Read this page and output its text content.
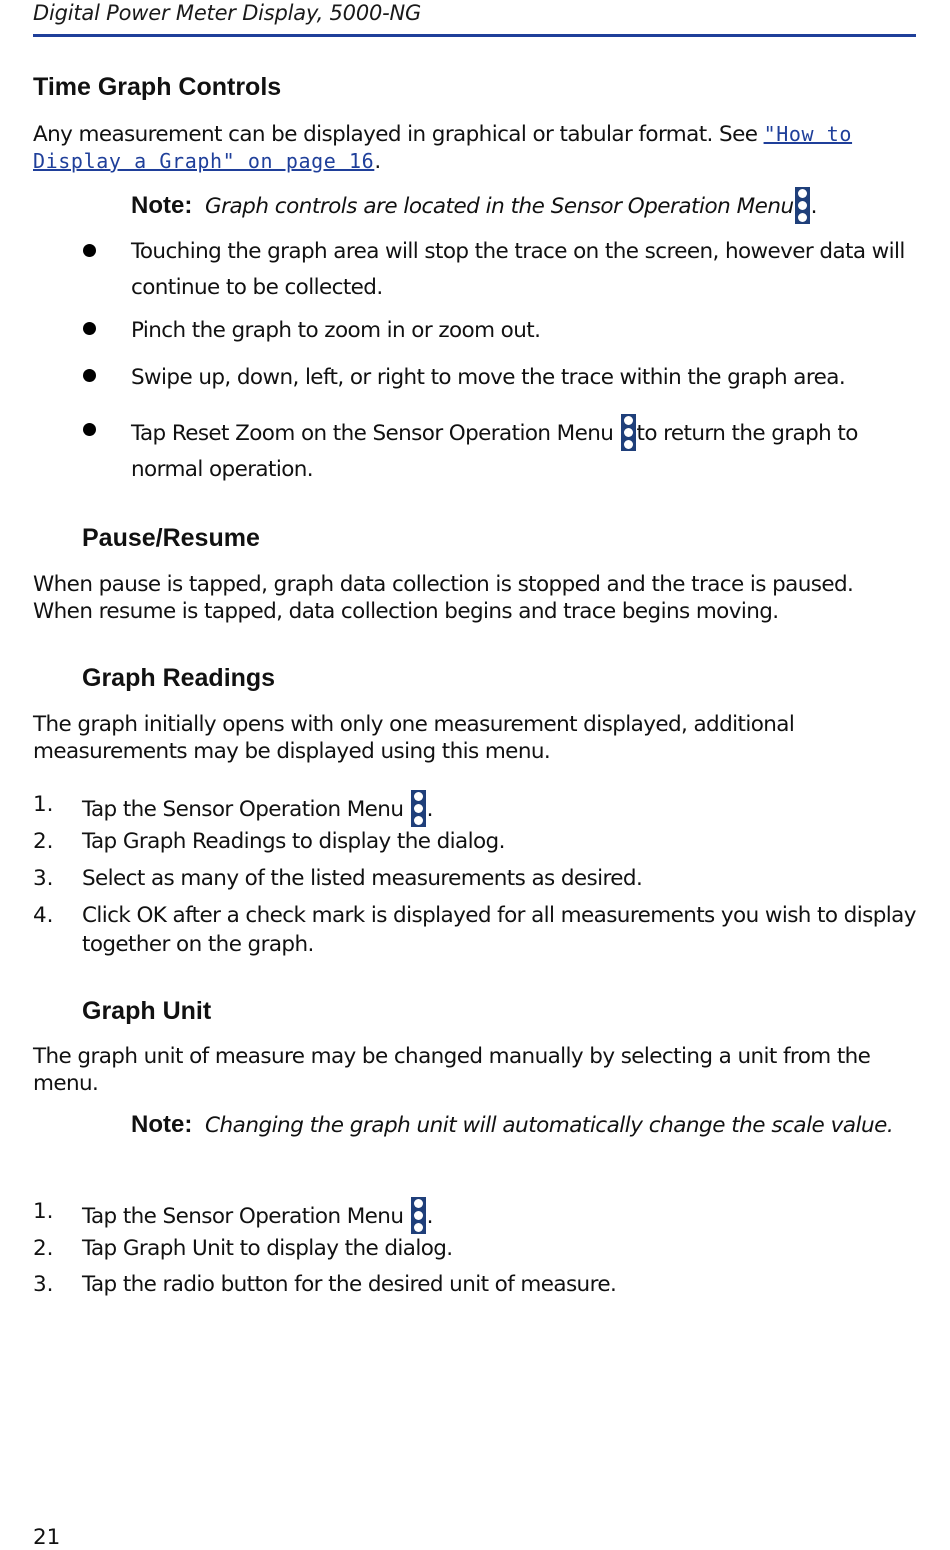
Digital Power Meter Display, 5000-NG
Time Graph Controls
Any measurement can be displayed in graphical or tabular format. See "How to Display a Graph" on page 16.
Note: Graph controls are located in the Sensor Operation Menu .
Touching the graph area will stop the trace on the screen, however data will continue to be collected.
Pinch the graph to zoom in or zoom out.
Swipe up, down, left, or right to move the trace within the graph area.
Tap Reset Zoom on the Sensor Operation Menu to return the graph to normal operation.
Pause/Resume
When pause is tapped, graph data collection is stopped and the trace is paused. When resume is tapped, data collection begins and trace begins moving.
Graph Readings
The graph initially opens with only one measurement displayed, additional measurements may be displayed using this menu.
1. Tap the Sensor Operation Menu .
2. Tap Graph Readings to display the dialog.
3. Select as many of the listed measurements as desired.
4. Click OK after a check mark is displayed for all measurements you wish to display together on the graph.
Graph Unit
The graph unit of measure may be changed manually by selecting a unit from the menu.
Note: Changing the graph unit will automatically change the scale value.
1. Tap the Sensor Operation Menu .
2. Tap Graph Unit to display the dialog.
3. Tap the radio button for the desired unit of measure.
21
